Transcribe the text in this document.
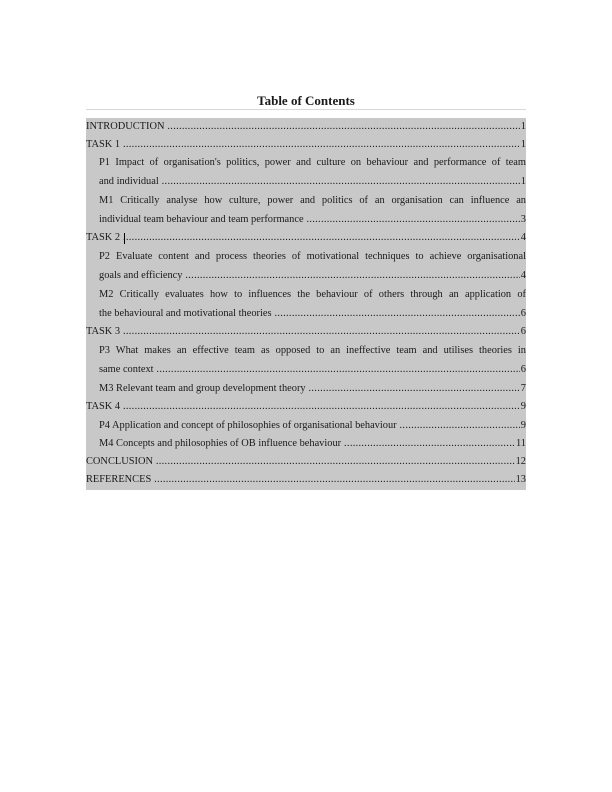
Table of Contents
INTRODUCTION .....	1
TASK 1 .....	1
P1 Impact of organisation's politics, power and culture on behaviour and performance of team
and individual .....	1
M1 Critically analyse how culture, power and politics of an organisation can influence an
individual team behaviour and team performance .....	3
TASK 2 .....	4
P2 Evaluate content and process theories of motivational techniques to achieve organisational
goals and efficiency .....	4
M2 Critically evaluates how to influences the behaviour of others through an application of
the behavioural and motivational theories .....	6
TASK 3 .....	6
P3 What makes an effective team as opposed to an ineffective team and utilises theories in
same context .....	6
M3 Relevant team and group development theory .....	7
TASK 4 .....	9
P4 Application and concept of philosophies of organisational behaviour .....	9
M4 Concepts and philosophies of OB influence behaviour .....	11
CONCLUSION .....	12
REFERENCES .....	13
